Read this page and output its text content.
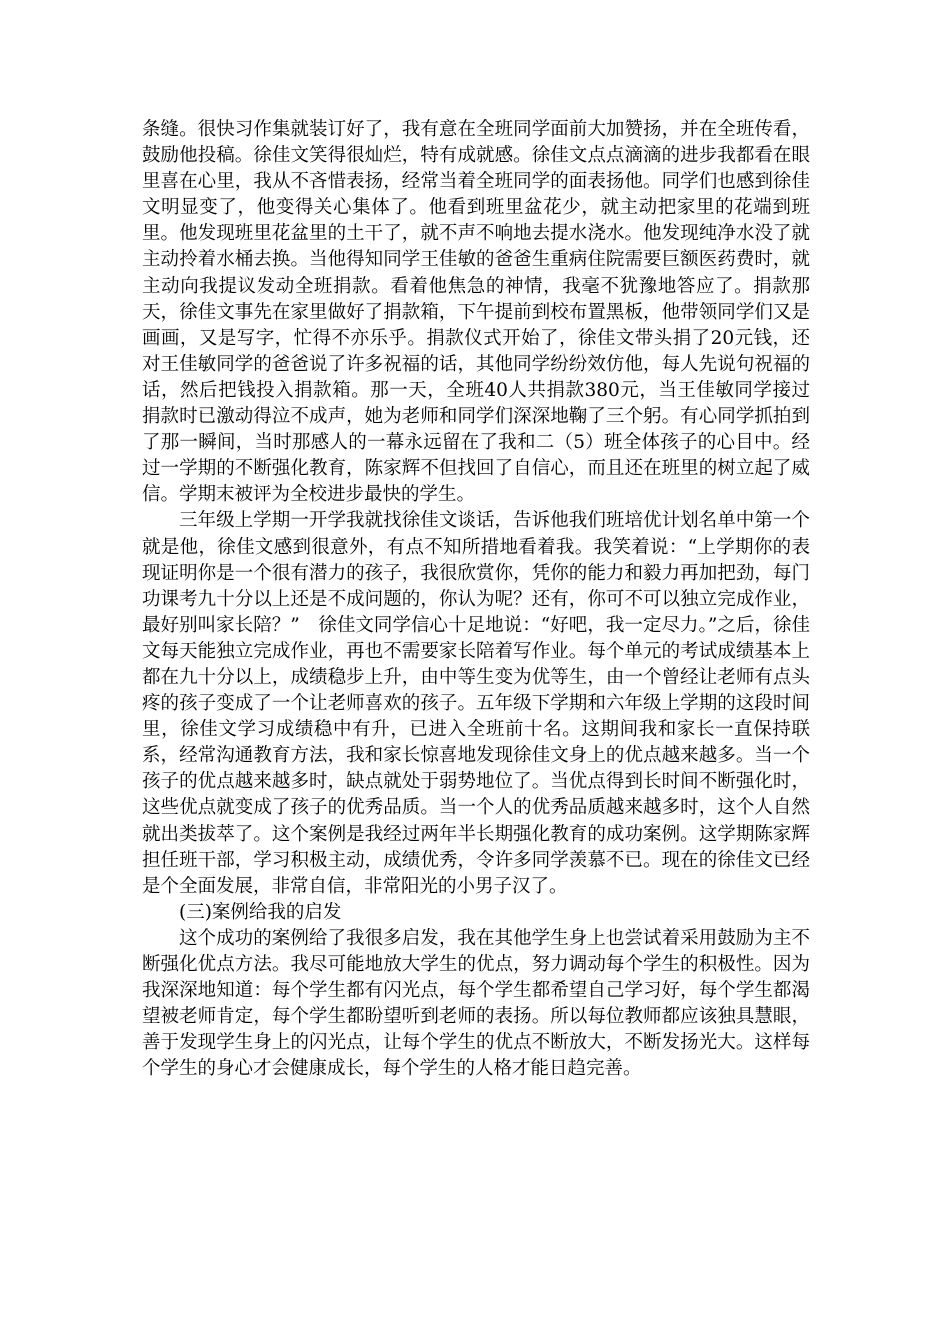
条缝。很快习作集就装订好了，我有意在全班同学面前大加赞扬，并在全班传看，鼓励他投稿。徐佳文笑得很灿烂，特有成就感。徐佳文点点滴滴的进步我都看在眼里喜在心里，我从不吝惜表扬，经常当着全班同学的面表扬他。同学们也感到徐佳文明显变了，他变得关心集体了。他看到班里盆花少，就主动把家里的花端到班里。他发现班里花盆里的土干了，就不声不响地去提水浇水。他发现纯净水没了就主动拎着水桶去换。当他得知同学王佳敏的爸爸生重病住院需要巨额医药费时，就主动向我提议发动全班捐款。看着他焦急的神情，我毫不犹豫地答应了。捐款那天，徐佳文事先在家里做好了捐款箱，下午提前到校布置黑板，他带领同学们又是画画，又是写字，忙得不亦乐乎。捐款仪式开始了，徐佳文带头捐了20元钱，还对王佳敏同学的爸爸说了许多祝福的话，其他同学纷纷效仿他，每人先说句祝福的话，然后把钱投入捐款箱。那一天，全班40人共捐款380元，当王佳敏同学接过捐款时已激动得泣不成声，她为老师和同学们深深地鞠了三个躬。有心同学抓拍到了那一瞬间，当时那感人的一幕永远留在了我和二（5）班全体孩子的心目中。经过一学期的不断强化教育，陈家辉不但找回了自信心，而且还在班里的树立起了威信。学期末被评为全校进步最快的学生。

三年级上学期一开学我就找徐佳文谈话，告诉他我们班培优计划名单中第一个就是他，徐佳文感到很意外，有点不知所措地看着我。我笑着说：“上学期你的表现证明你是一个很有潜力的孩子，我很欣赏你，凭你的能力和毅力再加把劲，每门功课考九十分以上还是不成问题的，你认为呢？还有，你可不可以独立完成作业，最好别叫家长陪？”　徐佳文同学信心十足地说：“好吧，我一定尽力。”之后，徐佳文每天能独立完成作业，再也不需要家长陪着写作业。每个单元的考试成绩基本上都在九十分以上，成绩稳步上升，由中等生变为优等生，由一个曾经让老师有点头疼的孩子变成了一个让老师喜欢的孩子。五年级下学期和六年级上学期的这段时间里，徐佳文学习成绩稳中有升，已进入全班前十名。这期间我和家长一直保持联系，经常沟通教育方法，我和家长惊喜地发现徐佳文身上的优点越来越多。当一个孩子的优点越来越多时，缺点就处于弱势地位了。当优点得到长时间不断强化时，这些优点就变成了孩子的优秀品质。当一个人的优秀品质越来越多时，这个人自然就出类拔萃了。这个案例是我经过两年半长期强化教育的成功案例。这学期陈家辉担任班干部，学习积极主动，成绩优秀，令许多同学羡慕不已。现在的徐佳文已经是个全面发展，非常自信，非常阳光的小男子汉了。

(三)案例给我的启发

这个成功的案例给了我很多启发，我在其他学生身上也尝试着采用鼓励为主不断强化优点方法。我尽可能地放大学生的优点，努力调动每个学生的积极性。因为我深深地知道：每个学生都有闪光点，每个学生都希望自己学习好，每个学生都渴望被老师肯定，每个学生都盼望听到老师的表扬。所以每位教师都应该独具慧眼，善于发现学生身上的闪光点，让每个学生的优点不断放大，不断发扬光大。这样每个学生的身心才会健康成长，每个学生的人格才能日趋完善。
